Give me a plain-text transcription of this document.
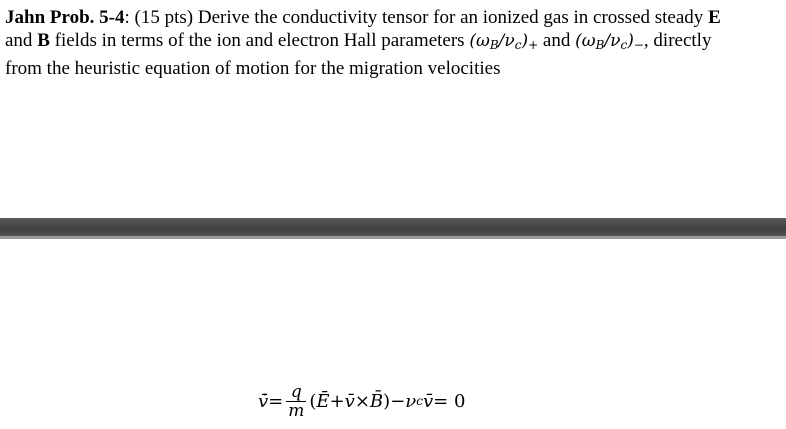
Jahn Prob. 5-4: (15 pts) Derive the conductivity tensor for an ionized gas in crossed steady E
and B fields in terms of the ion and electron Hall parameters $(\omega_B/\nu_c)_+$ and $(\omega_B/\nu_c)_-$, directly
from the heuristic equation of motion for the migration velocities
v̇̄ = $\frac{q}{m}$ ( Ē + v̄ × B̄ ) − ν c v̄ = 0
